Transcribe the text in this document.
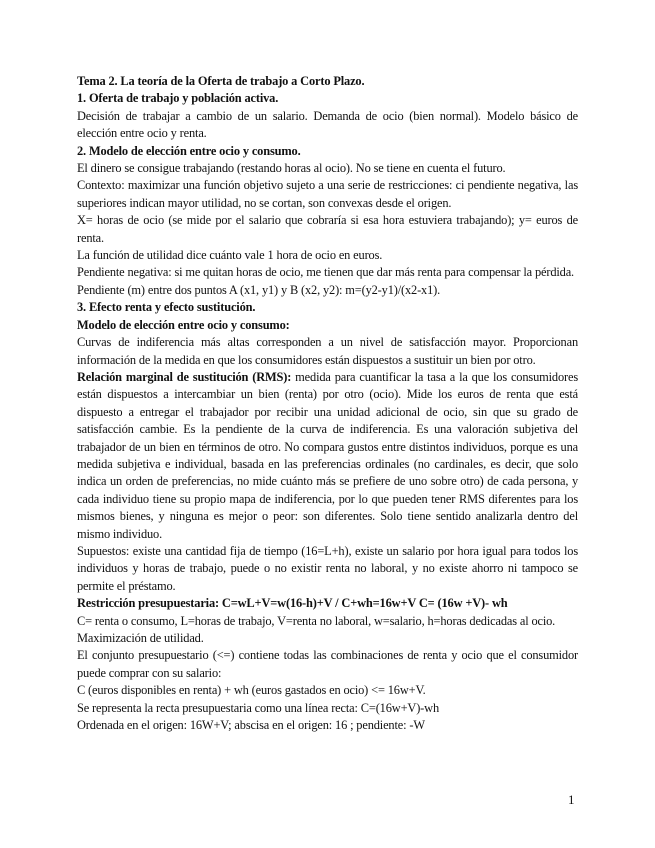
Tema 2. La teoría de la Oferta de trabajo a Corto Plazo.

1. Oferta de trabajo y población activa.

Decisión de trabajar a cambio de un salario. Demanda de ocio (bien normal). Modelo básico de elección entre ocio y renta.

2. Modelo de elección entre ocio y consumo.

El dinero se consigue trabajando (restando horas al ocio). No se tiene en cuenta el futuro.

Contexto: maximizar una función objetivo sujeto a una serie de restricciones: ci pendiente negativa, las superiores indican mayor utilidad, no se cortan, son convexas desde el origen.

X= horas de ocio (se mide por el salario que cobraría si esa hora estuviera trabajando); y= euros de renta.

La función de utilidad dice cuánto vale 1 hora de ocio en euros.

Pendiente negativa: si me quitan horas de ocio, me tienen que dar más renta para compensar la pérdida.

Pendiente (m) entre dos puntos A (x1, y1) y B (x2, y2): m=(y2-y1)/(x2-x1).

3. Efecto renta y efecto sustitución.

Modelo de elección entre ocio y consumo:

Curvas de indiferencia más altas corresponden a un nivel de satisfacción mayor. Proporcionan información de la medida en que los consumidores están dispuestos a sustituir un bien por otro.

Relación marginal de sustitución (RMS): medida para cuantificar la tasa a la que los consumidores están dispuestos a intercambiar un bien (renta) por otro (ocio). Mide los euros de renta que está dispuesto a entregar el trabajador por recibir una unidad adicional de ocio, sin que su grado de satisfacción cambie. Es la pendiente de la curva de indiferencia. Es una valoración subjetiva del trabajador de un bien en términos de otro. No compara gustos entre distintos individuos, porque es una medida subjetiva e individual, basada en las preferencias ordinales (no cardinales, es decir, que solo indica un orden de preferencias, no mide cuánto más se prefiere de uno sobre otro) de cada persona, y cada individuo tiene su propio mapa de indiferencia, por lo que pueden tener RMS diferentes para los mismos bienes, y ninguna es mejor o peor: son diferentes. Solo tiene sentido analizarla dentro del mismo individuo.

Supuestos: existe una cantidad fija de tiempo (16=L+h), existe un salario por hora igual para todos los individuos y horas de trabajo, puede o no existir renta no laboral, y no existe ahorro ni tampoco se permite el préstamo.

Restricción presupuestaria: C=wL+V=w(16-h)+V / C+wh=16w+V C= (16w +V)- wh

C= renta o consumo, L=horas de trabajo, V=renta no laboral, w=salario, h=horas dedicadas al ocio.

Maximización de utilidad.

El conjunto presupuestario (<=) contiene todas las combinaciones de renta y ocio que el consumidor puede comprar con su salario:

C (euros disponibles en renta) + wh (euros gastados en ocio) <= 16w+V.

Se representa la recta presupuestaria como una línea recta: C=(16w+V)-wh

Ordenada en el origen: 16W+V; abscisa en el origen: 16 ; pendiente: -W

1
